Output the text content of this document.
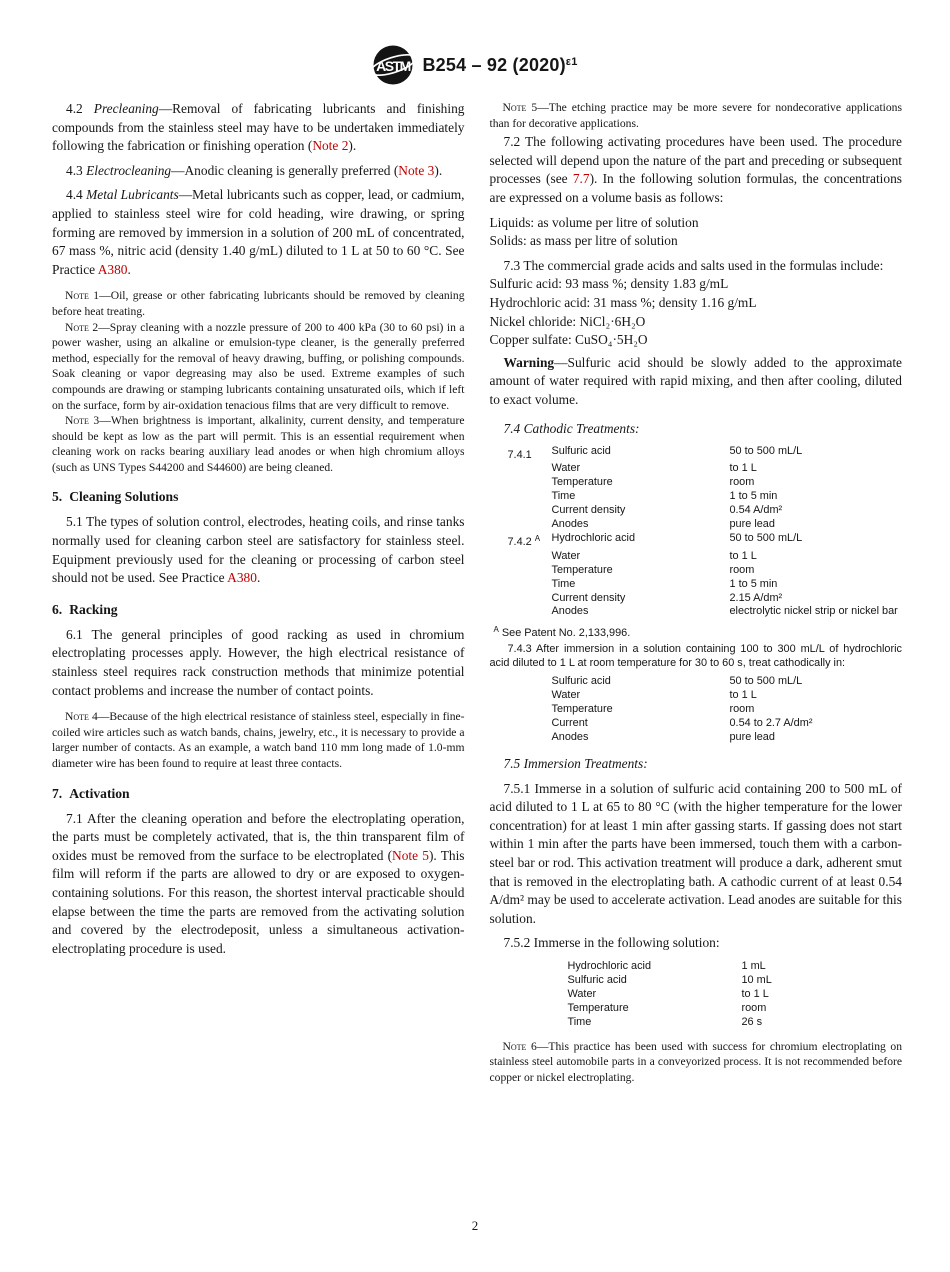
ASTM B254 – 92 $(2020)^{\varepsilon 1}$

4.2 Precleaning—Removal of fabricating lubricants and finishing compounds from the stainless steel may have to be undertaken immediately following the fabrication or finishing operation (Note 2).

4.3 Electrocleaning—Anodic cleaning is generally preferred (Note 3).

4.4 Metal Lubricants—Metal lubricants such as copper, lead, or cadmium, applied to stainless steel wire for cold heading, wire drawing, or spring forming are removed by immersion in a solution of 200 mL of concentrated, 67 mass %, nitric acid (density 1.40 g/mL) diluted to 1 L at 50 to 60 °C. See Practice A380.

Note 1—Oil, grease or other fabricating lubricants should be removed by cleaning before heat treating.

Note 2—Spray cleaning with a nozzle pressure of 200 to 400 kPa (30 to 60 psi) in a power washer, using an alkaline or emulsion-type cleaner, is the generally preferred method, especially for the removal of heavy drawing, buffing, or polishing compounds. Soak cleaning or vapor degreasing may also be used. Extreme examples of such compounds are drawing or stamping lubricants containing unsaturated oils, which if left on the surface, form by air-oxidation tenacious films that are very difficult to remove.

Note 3—When brightness is important, alkalinity, current density, and temperature should be kept as low as the part will permit. This is an essential requirement when cleaning work on racks bearing auxiliary lead anodes or when high chromium alloys (such as UNS Types S44200 and S44600) are being cleaned.

5. Cleaning Solutions

5.1 The types of solution control, electrodes, heating coils, and rinse tanks normally used for cleaning carbon steel are satisfactory for stainless steel. Equipment previously used for the cleaning or processing of carbon steel should not be used. See Practice A380.

6. Racking

6.1 The general principles of good racking as used in chromium electroplating processes apply. However, the high electrical resistance of stainless steel requires rack construction methods that minimize potential contact problems and increase the number of contact points.

Note 4—Because of the high electrical resistance of stainless steel, especially in fine-coiled wire articles such as watch bands, chains, jewelry, etc., it is necessary to provide a larger number of contacts. As an example, a watch band 110 mm long made of 1.0-mm diameter wire has been found to require at least three contacts.

7. Activation

7.1 After the cleaning operation and before the electroplating operation, the parts must be completely activated, that is, the thin transparent film of oxides must be removed from the surface to be electroplated (Note 5). This film will reform if the parts are allowed to dry or are exposed to oxygen-containing solutions. For this reason, the shortest interval practicable should elapse between the time the parts are removed from the activating solution and covered by the electrodeposit, unless a simultaneous activation-electroplating procedure is used.

Note 5—The etching practice may be more severe for nondecorative applications than for decorative applications.

7.2 The following activating procedures have been used. The procedure selected will depend upon the nature of the part and preceding or subsequent processes (see 7.7). In the following solution formulas, the concentrations are expressed on a volume basis as follows:

Liquids: as volume per litre of solution
Solids: as mass per litre of solution

7.3 The commercial grade acids and salts used in the formulas include:

Sulfuric acid: 93 mass %; density 1.83 g/mL
Hydrochloric acid: 31 mass %; density 1.16 g/mL
Nickel chloride: NiCl₂·6H₂O
Copper sulfate: CuSO₄·5H₂O

Warning—Sulfuric acid should be slowly added to the approximate amount of water required with rapid mixing, and then after cooling, diluted to exact volume.

7.4 Cathodic Treatments:

7.4.1	Sulfuric acid	50 to 500 mL/L
Water	to 1 L
Temperature	room
Time	1 to 5 min
Current density	0.54 A/dm²
Anodes	pure lead
7.4.2 $^A$	Hydrochloric acid	50 to 500 mL/L
Water	to 1 L
Temperature	room
Time	1 to 5 min
Current density	2.15 A/dm²
Anodes	electrolytic nickel strip or nickel bar
$^A$ See Patent No. 2,133,996.

7.4.3 After immersion in a solution containing 100 to 300 mL/L of hydrochloric acid diluted to 1 L at room temperature for 30 to 60 s, treat cathodically in:

Sulfuric acid	50 to 500 mL/L
Water	to 1 L
Temperature	room
Current	0.54 to 2.7 A/dm²
Anodes	pure lead

7.5 Immersion Treatments:

7.5.1 Immerse in a solution of sulfuric acid containing 200 to 500 mL of acid diluted to 1 L at 65 to 80 °C (with the higher temperature for the lower concentration) for at least 1 min after gassing starts. If gassing does not start within 1 min after the parts have been immersed, touch them with a carbon-steel bar or rod. This activation treatment will produce a dark, adherent smut that is removed in the electroplating bath. A cathodic current of at least 0.54 A/dm² may be used to accelerate activation. Lead anodes are suitable for this solution.

7.5.2 Immerse in the following solution:

Hydrochloric acid	1 mL
Sulfuric acid	10 mL
Water	to 1 L
Temperature	room
Time	26 s

Note 6—This practice has been used with success for chromium electroplating on stainless steel automobile parts in a conveyorized process. It is not recommended before copper or nickel electroplating.

2
